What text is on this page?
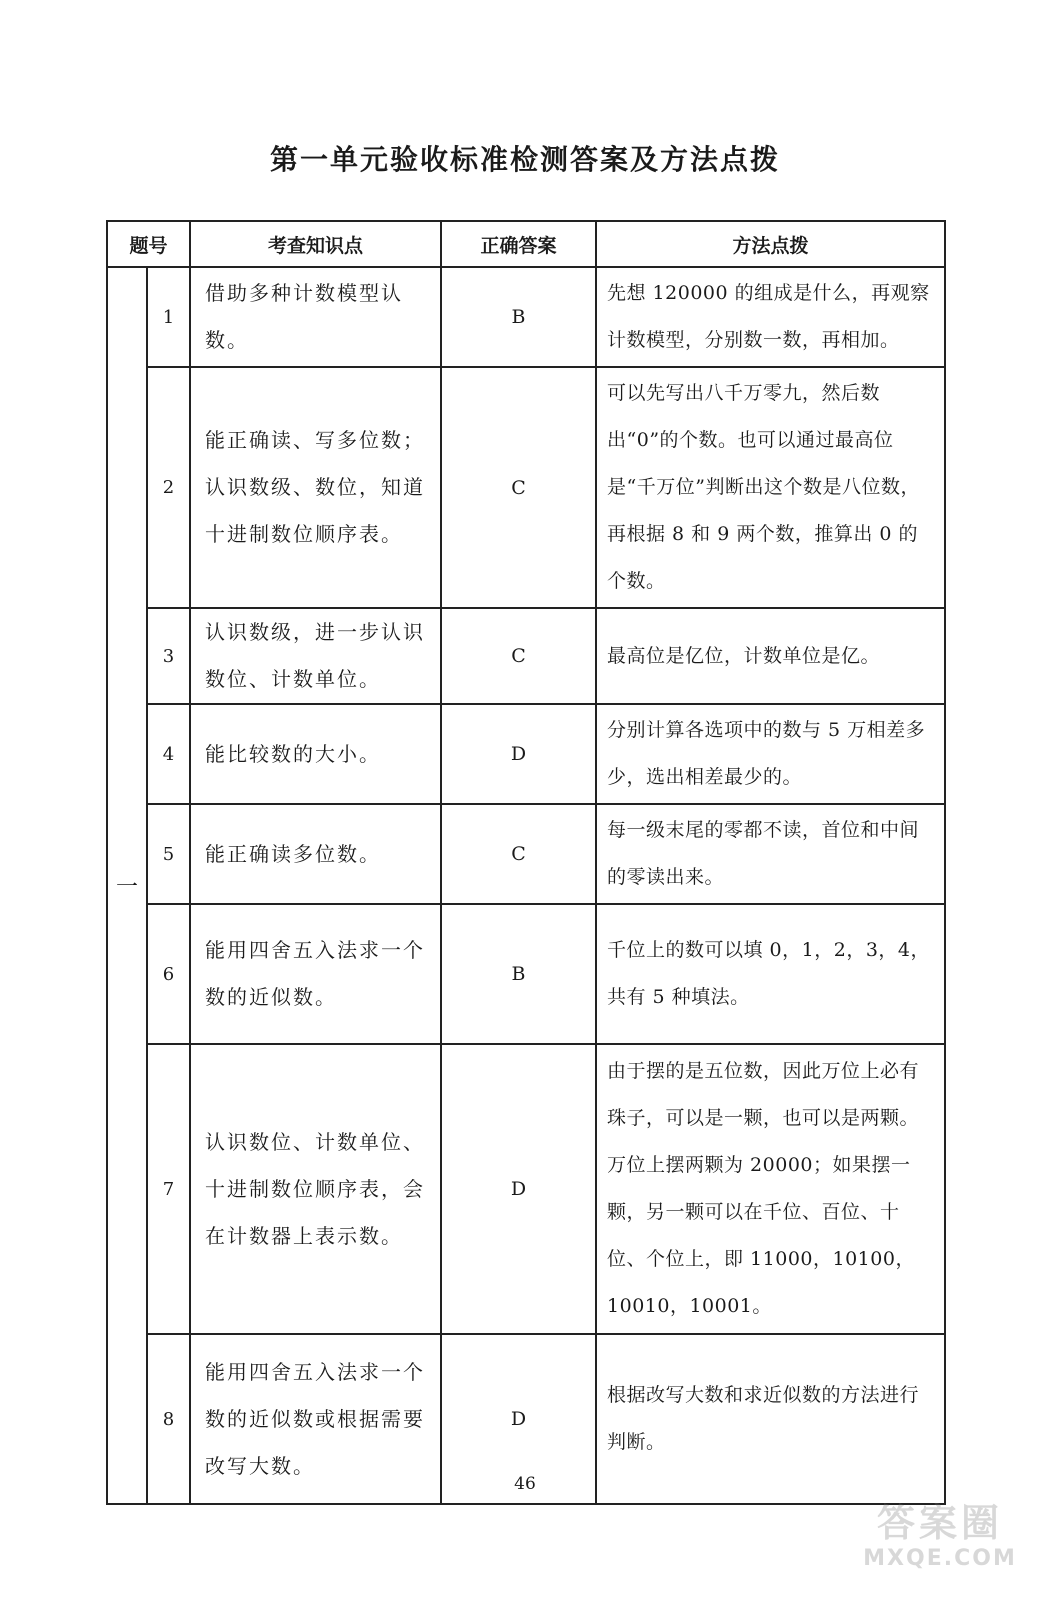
第一单元验收标准检测答案及方法点拨
题号		考查知识点	正确答案	方法点拨
一	1	借助多种计数模型认数。	B	先想 120000 的组成是什么，再观察计数模型，分别数一数，再相加。
	2	能正确读、写多位数；认识数级、数位，知道十进制数位顺序表。	C	可以先写出八千万零九，然后数出“0”的个数。也可以通过最高位是“千万位”判断出这个数是八位数，再根据 8 和 9 两个数，推算出 0 的个数。
	3	认识数级，进一步认识数位、计数单位。	C	最高位是亿位，计数单位是亿。
	4	能比较数的大小。	D	分别计算各选项中的数与 5 万相差多少，选出相差最少的。
	5	能正确读多位数。	C	每一级末尾的零都不读，首位和中间的零读出来。
	6	能用四舍五入法求一个数的近似数。	B	千位上的数可以填 0，1，2，3，4，共有 5 种填法。
	7	认识数位、计数单位、十进制数位顺序表，会在计数器上表示数。	D	由于摆的是五位数，因此万位上必有珠子，可以是一颗，也可以是两颗。万位上摆两颗为 20000；如果摆一颗，另一颗可以在千位、百位、十位、个位上，即 11000，10100，10010，10001。
	8	能用四舍五入法求一个数的近似数或根据需要改写大数。	D	根据改写大数和求近似数的方法进行判断。
46
答案圈
MXQE.COM
